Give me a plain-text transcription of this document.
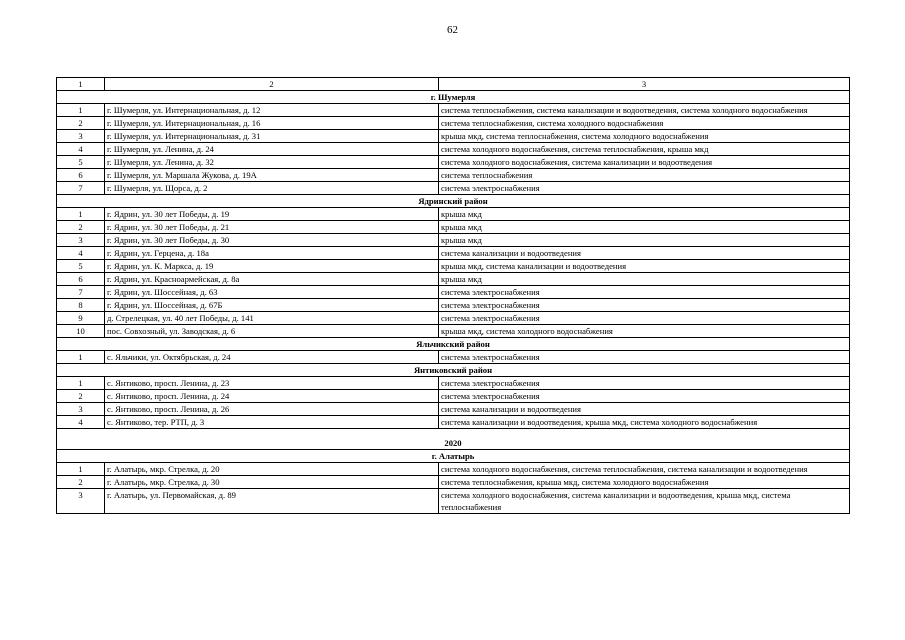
62
1	2	3
г. Шумерля		
1	г. Шумерля, ул. Интернациональная, д. 12	система теплоснабжения, система канализации и водоотведения, система холодного водоснабжения
2	г. Шумерля, ул. Интернациональная, д. 16	система теплоснабжения, система холодного водоснабжения
3	г. Шумерля, ул. Интернациональная, д. 31	крыша мкд, система теплоснабжения, система холодного водоснабжения
4	г. Шумерля, ул. Ленина, д. 24	система холодного водоснабжения, система теплоснабжения, крыша мкд
5	г. Шумерля, ул. Ленина, д. 32	система холодного водоснабжения, система канализации и водоотведения
6	г. Шумерля, ул. Маршала Жукова, д. 19А	система теплоснабжения
7	г. Шумерля, ул. Щорса, д. 2	система электроснабжения
Ядринский район		
1	г. Ядрин, ул. 30 лет Победы, д. 19	крыша мкд
2	г. Ядрин, ул. 30 лет Победы, д. 21	крыша мкд
3	г. Ядрин, ул. 30 лет Победы, д. 30	крыша мкд
4	г. Ядрин, ул. Герцена, д. 18а	система канализации и водоотведения
5	г. Ядрин, ул. К. Маркса, д. 19	крыша мкд, система канализации и водоотведения
6	г. Ядрин, ул. Красноармейская, д. 8а	крыша мкд
7	г. Ядрин, ул. Шоссейная, д. 63	система электроснабжения
8	г. Ядрин, ул. Шоссейная, д. 67Б	система электроснабжения
9	д. Стрелецкая, ул. 40 лет Победы, д. 141	система электроснабжения
10	пос. Совхозный, ул. Заводская, д. 6	крыша мкд, система холодного водоснабжения
Яльчикский район		
1	с. Яльчики, ул. Октябрьская, д. 24	система электроснабжения
Янтиковский район		
1	с. Янтиково, просп. Ленина, д. 23	система электроснабжения
2	с. Янтиково, просп. Ленина, д. 24	система электроснабжения
3	с. Янтиково, просп. Ленина, д. 26	система канализации и водоотведения
4	с. Янтиково, тер. РТП, д. 3	система канализации и водоотведения, крыша мкд, система холодного водоснабжения
2020		
г. Алатырь		
1	г. Алатырь, мкр. Стрелка, д. 20	система холодного водоснабжения, система теплоснабжения, система канализации и водоотведения
2	г. Алатырь, мкр. Стрелка, д. 30	система теплоснабжения, крыша мкд, система холодного водоснабжения
3	г. Алатырь, ул. Первомайская, д. 89	система холодного водоснабжения, система канализации и водоотведения, крыша мкд, система теплоснабжения
